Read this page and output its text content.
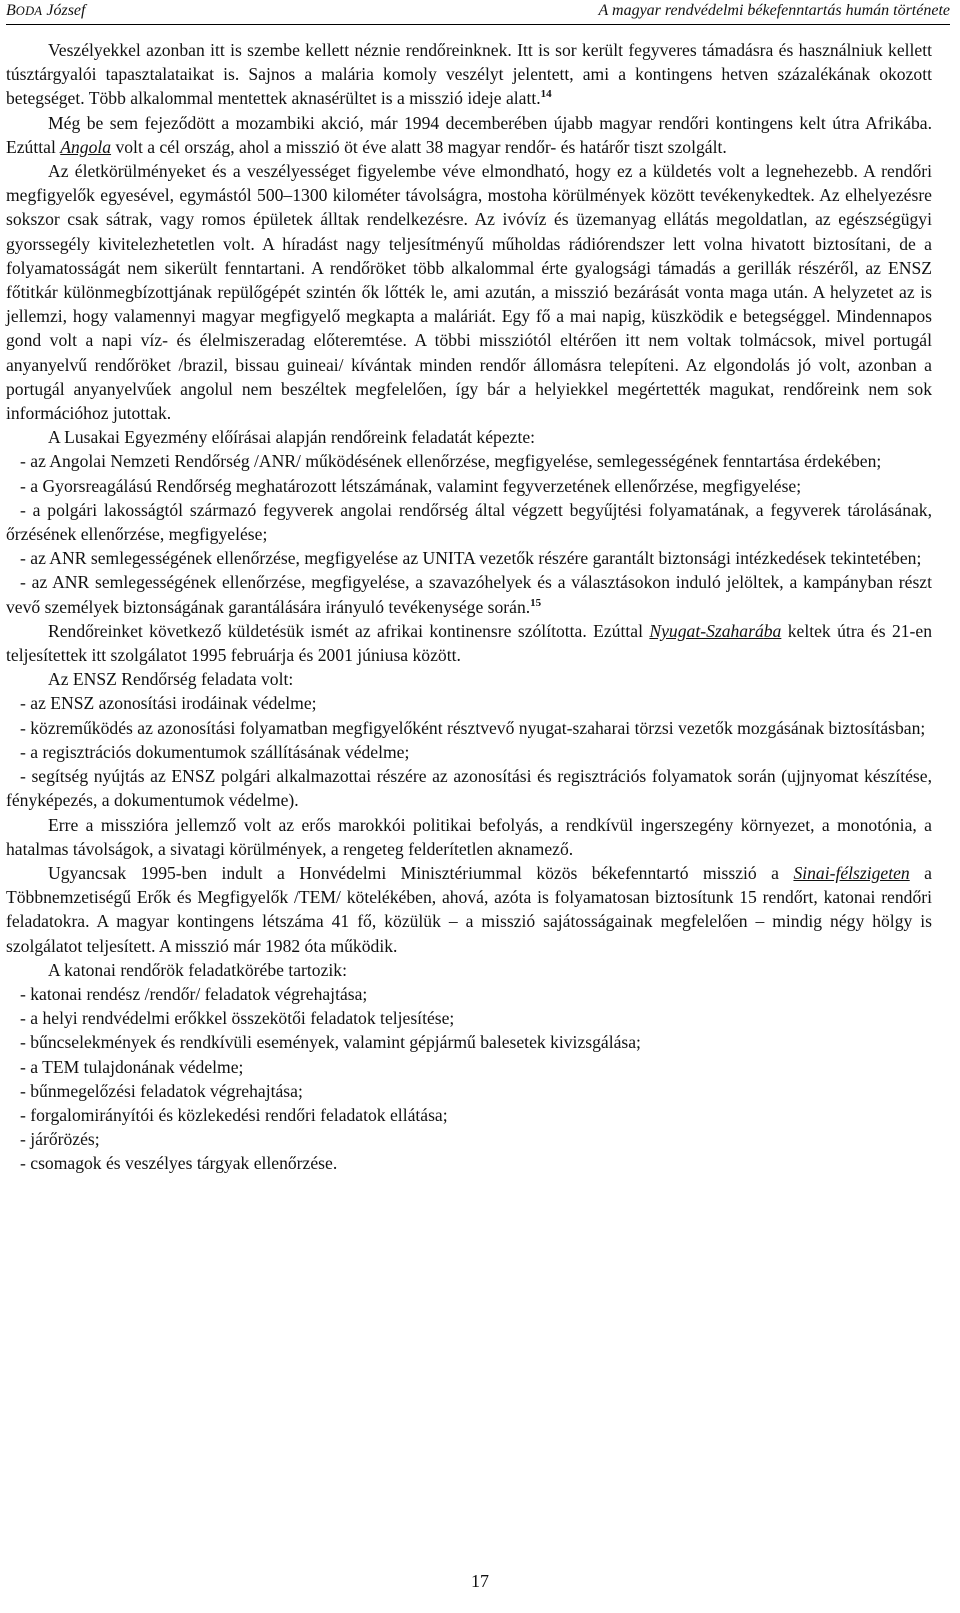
BODA József	A magyar rendvédelmi békefenntartás humán története

Veszélyekkel azonban itt is szembe kellett néznie rendőreinknek. Itt is sor került fegyveres támadásra és használniuk kellett túsztárgyalói tapasztalataikat is. Sajnos a malária komoly veszélyt jelentett, ami a kontingens hetven százalékának okozott betegséget. Több alkalommal mentettek aknasérültet is a misszió ideje alatt.$^{14}$

Még be sem fejeződött a mozambiki akció, már 1994 decemberében újabb magyar rendőri kontingens kelt útra Afrikába. Ezúttal Angola volt a cél ország, ahol a misszió öt éve alatt 38 magyar rendőr- és határőr tiszt szolgált.

Az életkörülményeket és a veszélyességet figyelembe véve elmondható, hogy ez a küldetés volt a legnehezebb. A rendőri megfigyelők egyesével, egymástól 500–1300 kilométer távolságra, mostoha körülmények között tevékenykedtek. Az elhelyezésre sokszor csak sátrak, vagy romos épületek álltak rendelkezésre. Az ivóvíz és üzemanyag ellátás megoldatlan, az egészségügyi gyorssegély kivitelezhetetlen volt. A híradást nagy teljesítményű műholdas rádiórendszer lett volna hivatott biztosítani, de a folyamatosságát nem sikerült fenntartani. A rendőröket több alkalommal érte gyalogsági támadás a gerillák részéről, az ENSZ főtitkár különmegbízottjának repülőgépét szintén ők lőtték le, ami azután, a misszió bezárását vonta maga után. A helyzetet az is jellemzi, hogy valamennyi magyar megfigyelő megkapta a maláriát. Egy fő a mai napig, küszködik e betegséggel. Mindennapos gond volt a napi víz- és élelmiszeradag előteremtése. A többi missziótól eltérően itt nem voltak tolmácsok, mivel portugál anyanyelvű rendőröket /brazil, bissau guineai/ kívántak minden rendőr állomásra telepíteni. Az elgondolás jó volt, azonban a portugál anyanyelvűek angolul nem beszéltek megfelelően, így bár a helyiekkel megértették magukat, rendőreink nem sok információhoz jutottak.

A Lusakai Egyezmény előírásai alapján rendőreink feladatát képezte:

- az Angolai Nemzeti Rendőrség /ANR/ működésének ellenőrzése, megfigyelése, semlegességének fenntartása érdekében;

- a Gyorsreagálású Rendőrség meghatározott létszámának, valamint fegyverzetének ellenőrzése, megfigyelése;

- a polgári lakosságtól származó fegyverek angolai rendőrség által végzett begyűjtési folyamatának, a fegyverek tárolásának, őrzésének ellenőrzése, megfigyelése;

- az ANR semlegességének ellenőrzése, megfigyelése az UNITA vezetők részére garantált biztonsági intézkedések tekintetében;

- az ANR semlegességének ellenőrzése, megfigyelése, a szavazóhelyek és a választásokon induló jelöltek, a kampányban részt vevő személyek biztonságának garantálására irányuló tevékenysége során.$^{15}$

Rendőreinket következő küldetésük ismét az afrikai kontinensre szólította. Ezúttal Nyugat-Szaharába keltek útra és 21-en teljesítettek itt szolgálatot 1995 februárja és 2001 júniusa között.

Az ENSZ Rendőrség feladata volt:

- az ENSZ azonosítási irodáinak védelme;

- közreműködés az azonosítási folyamatban megfigyelőként résztvevő nyugat-szaharai törzsi vezetők mozgásának biztosításban;

- a regisztrációs dokumentumok szállításának védelme;

- segítség nyújtás az ENSZ polgári alkalmazottai részére az azonosítási és regisztrációs folyamatok során (ujjnyomat készítése, fényképezés, a dokumentumok védelme).

Erre a misszióra jellemző volt az erős marokkói politikai befolyás, a rendkívül ingerszegény környezet, a monotónia, a hatalmas távolságok, a sivatagi körülmények, a rengeteg felderítetlen aknamező.

Ugyancsak 1995-ben indult a Honvédelmi Minisztériummal közös békefenntartó misszió a Sinai-félszigeten a Többnemzetiségű Erők és Megfigyelők /TEM/ kötelékében, ahová, azóta is folyamatosan biztosítunk 15 rendőrt, katonai rendőri feladatokra. A magyar kontingens létszáma 41 fő, közülük – a misszió sajátosságainak megfelelően – mindig négy hölgy is szolgálatot teljesített. A misszió már 1982 óta működik.

A katonai rendőrök feladatkörébe tartozik:

- katonai rendész /rendőr/ feladatok végrehajtása;

- a helyi rendvédelmi erőkkel összekötői feladatok teljesítése;

- bűncselekmények és rendkívüli események, valamint gépjármű balesetek kivizsgálása;

- a TEM tulajdonának védelme;

- bűnmegelőzési feladatok végrehajtása;

- forgalomirányítói és közlekedési rendőri feladatok ellátása;

- járőrözés;

- csomagok és veszélyes tárgyak ellenőrzése.

17
